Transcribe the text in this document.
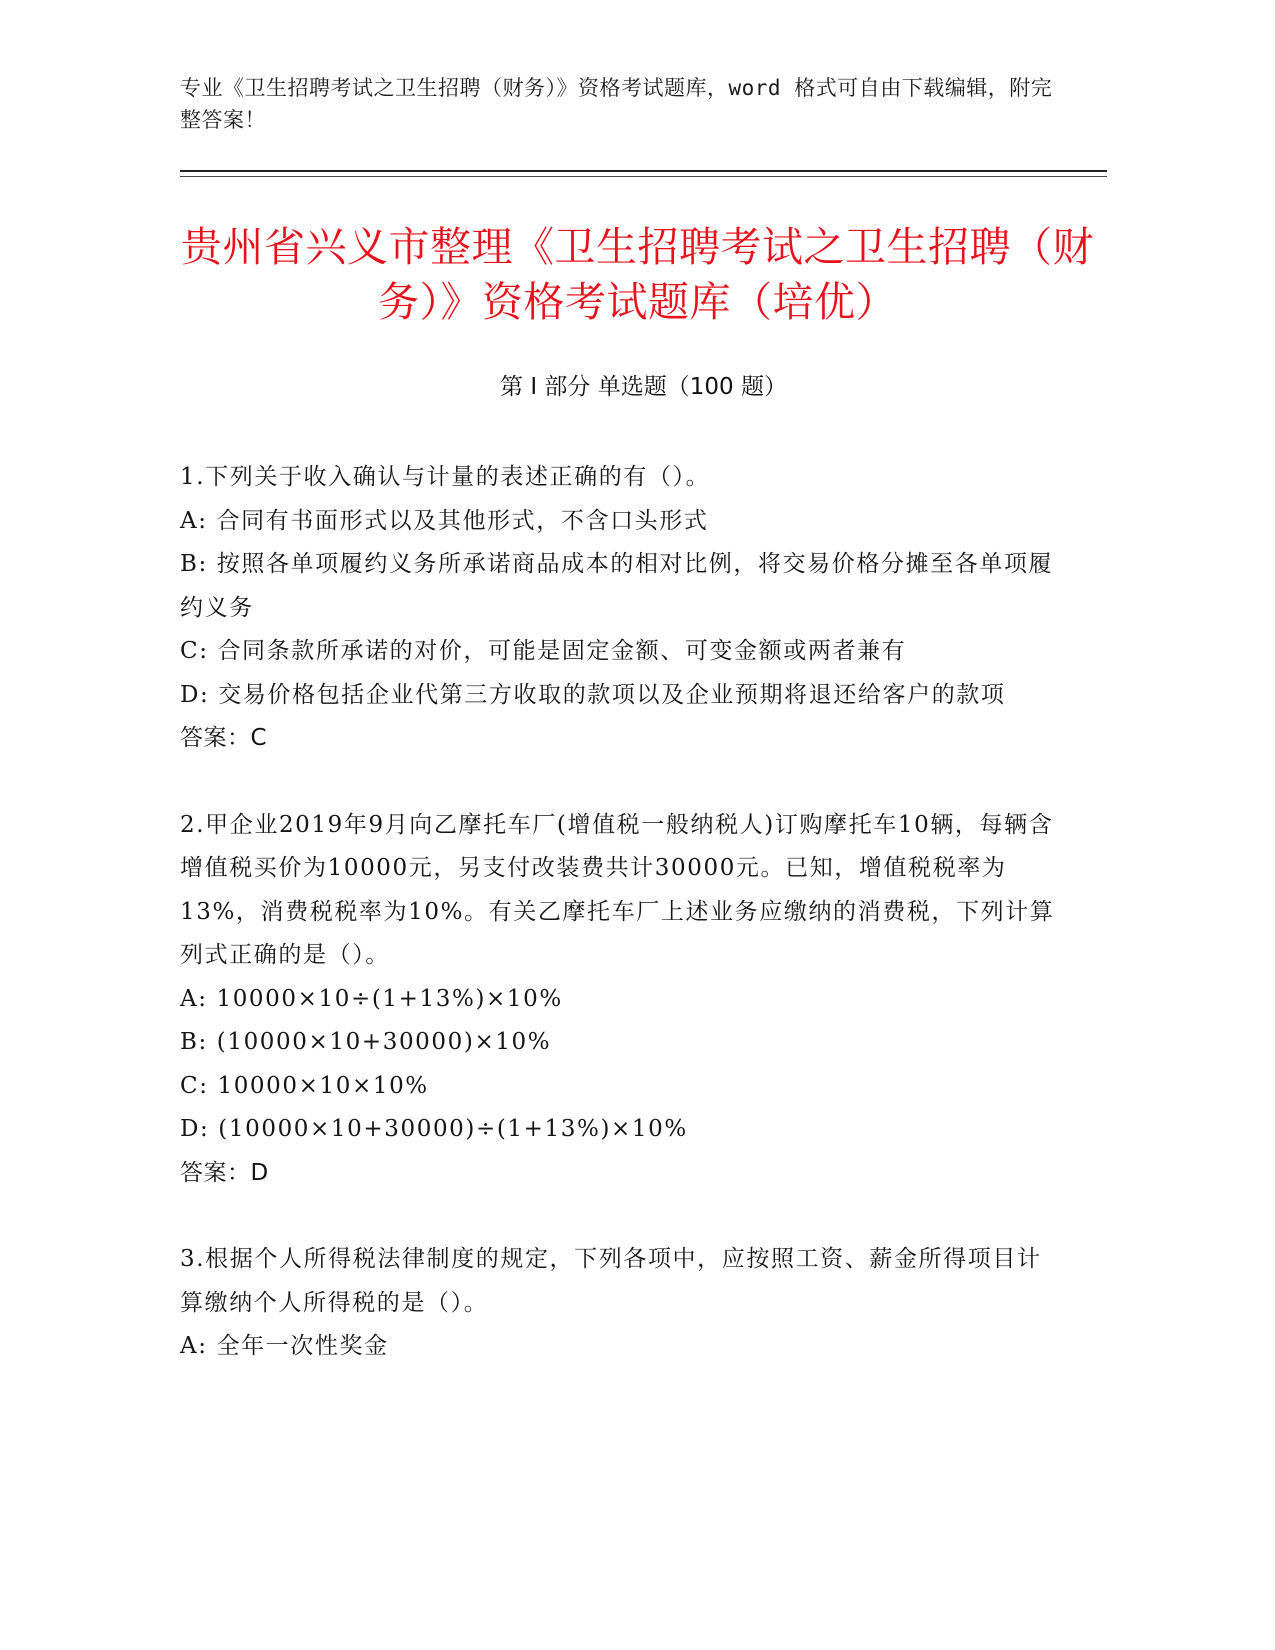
专业《卫生招聘考试之卫生招聘（财务）》资格考试题库，word 格式可自由下载编辑，附完整答案！
贵州省兴义市整理《卫生招聘考试之卫生招聘（财务）》资格考试题库（培优）
第 I 部分 单选题（100 题）

1.下列关于收入确认与计量的表述正确的有（）。

A: 合同有书面形式以及其他形式，不含口头形式

B: 按照各单项履约义务所承诺商品成本的相对比例，将交易价格分摊至各单项履约义务

C: 合同条款所承诺的对价，可能是固定金额、可变金额或两者兼有

D: 交易价格包括企业代第三方收取的款项以及企业预期将退还给客户的款项

答案：C

2.甲企业2019年9月向乙摩托车厂(增值税一般纳税人)订购摩托车10辆，每辆含增值税买价为10000元，另支付改装费共计30000元。已知，增值税税率为13%，消费税税率为10%。有关乙摩托车厂上述业务应缴纳的消费税，下列计算列式正确的是（）。

A: 10000×10÷(1+13%)×10%

B: (10000×10+30000)×10%

C: 10000×10×10%

D: (10000×10+30000)÷(1+13%)×10%

答案：D

3.根据个人所得税法律制度的规定，下列各项中，应按照工资、薪金所得项目计算缴纳个人所得税的是（）。

A: 全年一次性奖金
